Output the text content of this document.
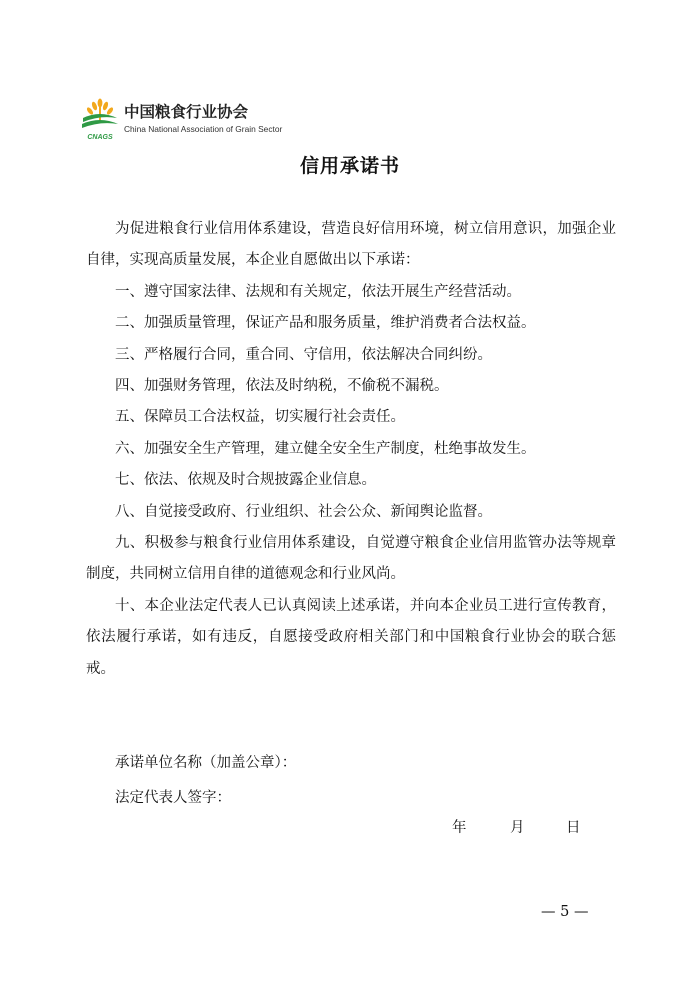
CNAGS
中国粮食行业协会
China National Association of Grain Sector
信用承诺书
为促进粮食行业信用体系建设，营造良好信用环境，树立信用意识，加强企业自律，实现高质量发展，本企业自愿做出以下承诺：
一、遵守国家法律、法规和有关规定，依法开展生产经营活动。
二、加强质量管理，保证产品和服务质量，维护消费者合法权益。
三、严格履行合同，重合同、守信用，依法解决合同纠纷。
四、加强财务管理，依法及时纳税，不偷税不漏税。
五、保障员工合法权益，切实履行社会责任。
六、加强安全生产管理，建立健全安全生产制度，杜绝事故发生。
七、依法、依规及时合规披露企业信息。
八、自觉接受政府、行业组织、社会公众、新闻舆论监督。
九、积极参与粮食行业信用体系建设，自觉遵守粮食企业信用监管办法等规章制度，共同树立信用自律的道德观念和行业风尚。
十、本企业法定代表人已认真阅读上述承诺，并向本企业员工进行宣传教育，依法履行承诺，如有违反，自愿接受政府相关部门和中国粮食行业协会的联合惩戒。
承诺单位名称（加盖公章）：
法定代表人签字：
年	月	日
— 5 —
